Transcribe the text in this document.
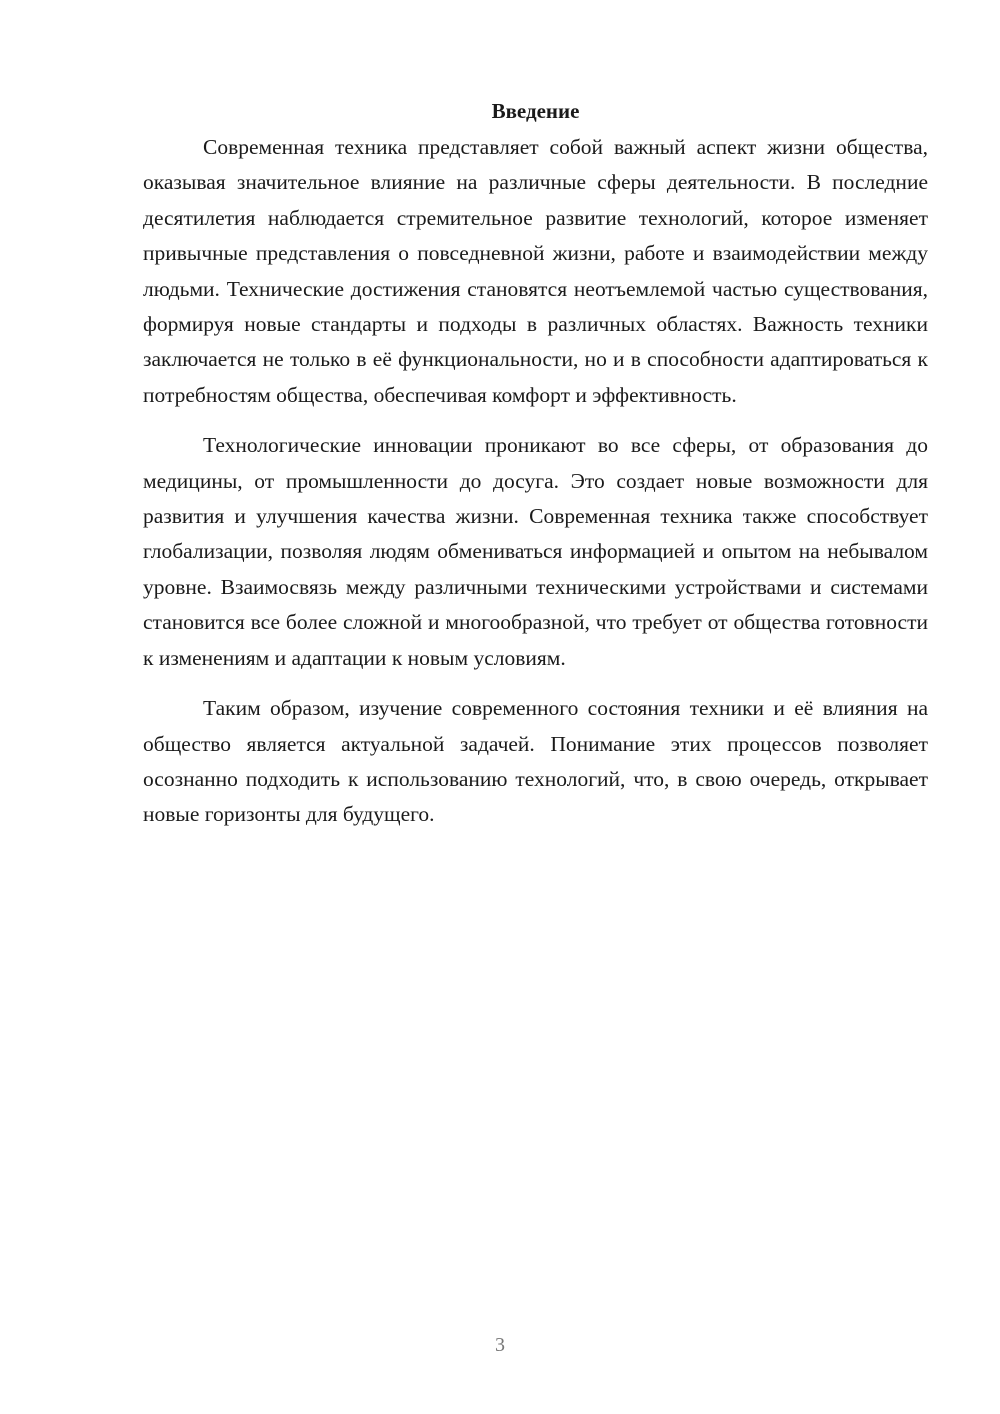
Введение

Современная техника представляет собой важный аспект жизни общества, оказывая значительное влияние на различные сферы деятельности. В последние десятилетия наблюдается стремительное развитие технологий, которое изменяет привычные представления о повседневной жизни, работе и взаимодействии между людьми. Технические достижения становятся неотъемлемой частью существования, формируя новые стандарты и подходы в различных областях. Важность техники заключается не только в её функциональности, но и в способности адаптироваться к потребностям общества, обеспечивая комфорт и эффективность.

Технологические инновации проникают во все сферы, от образования до медицины, от промышленности до досуга. Это создает новые возможности для развития и улучшения качества жизни. Современная техника также способствует глобализации, позволяя людям обмениваться информацией и опытом на небывалом уровне. Взаимосвязь между различными техническими устройствами и системами становится все более сложной и многообразной, что требует от общества готовности к изменениям и адаптации к новым условиям.

Таким образом, изучение современного состояния техники и её влияния на общество является актуальной задачей. Понимание этих процессов позволяет осознанно подходить к использованию технологий, что, в свою очередь, открывает новые горизонты для будущего.

3
